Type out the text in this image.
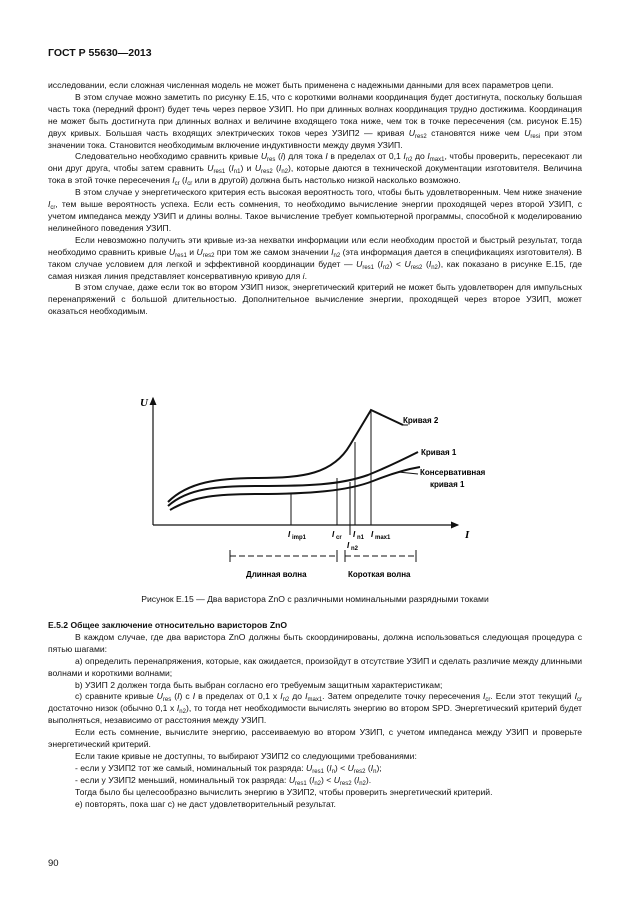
ГОСТ Р 55630—2013

исследовании, если сложная численная модель не может быть применена с надежными данными для всех параметров цепи.

В этом случае можно заметить по рисунку Е.15, что с короткими волнами координация будет достигнута, поскольку большая часть тока (передний фронт) будет течь через первое УЗИП. Но при длинных волнах координация трудно достижима. Координация не может быть достигнута при длинных волнах и величине входящего тока ниже, чем ток в точке пересечения (см. рисунок Е.15) двух кривых. Большая часть входящих электрических токов через УЗИП2 — кривая $U_{res2}$ становятся ниже чем $U_{resi}$ при этом значении тока. Становится необходимым включение индуктивности между двумя УЗИП.

Следовательно необходимо сравнить кривые $U_{res}$ (i) для тока I в пределах от 0,1 $I_{n2}$ до $I_{max1}$, чтобы проверить, пересекают ли они друг друга, чтобы затем сравнить $U_{res1}$ $(I_{n1})$ и $U_{res2}$ $(I_{n2})$, которые даются в технической документации изготовителя. Величина тока в этой точке пересечения $I_{cr}$ ($I_{cr}$ или в другой) должна быть настолько низкой насколько возможно.

В этом случае у энергетического критерия есть высокая вероятность того, чтобы быть удовлетворенным. Чем ниже значение $I_{cr}$, тем выше вероятность успеха. Если есть сомнения, то необходимо вычисление энергии проходящей через второй УЗИП, с учетом импеданса между УЗИП и длины волны. Такое вычисление требует компьютерной программы, способной к моделированию нелинейного поведения УЗИП.

Если невозможно получить эти кривые из-за нехватки информации или если необходим простой и быстрый результат, тогда необходимо сравнить кривые $U_{res1}$ и $U_{res2}$ при том же самом значении $I_{n2}$ (эта информация дается в спецификациях изготовителя). В таком случае условием для легкой и эффективной координации будет — $U_{res1}$ $(I_{n2}) < U_{res2}$ $(I_{n2})$, как показано в рисунке Е.15, где самая низкая линия представляет консервативную кривую для i.

В этом случае, даже если ток во втором УЗИП низок, энергетический критерий не может быть удовлетворен для импульсных перенапряжений с большой длительностью. Дополнительное вычисление энергии, проходящей через второе УЗИП, может оказаться необходимым.

U
I
Кривая 2
Кривая 1
Консервативная
кривая 1
I imp1	I cr I n1 I max1
I n2
Длинная волна	Короткая волна
Рисунок Е.15 — Два варистора ZnO с различными номинальными разрядными токами

Е.5.2 Общее заключение относительно варисторов ZnO

В каждом случае, где два варистора ZnO должны быть скоординированы, должна использоваться следующая процедура с пятью шагами:

а) определить перенапряжения, которые, как ожидается, произойдут в отсутствие УЗИП и сделать различие между длинными волнами и короткими волнами;

b) УЗИП 2 должен тогда быть выбран согласно его требуемым защитным характеристикам;

с) сравните кривые $U_{res}$ (I) с I в пределах от 0,1 х $I_{n2}$ до $I_{max1}$. Затем определите точку пересечения $I_{cr}$. Если этот текущий $I_{cr}$ достаточно низок (обычно 0,1 х $I_{n2}$), то тогда нет необходимости вычислять энергию во втором SPD. Энергетический критерий будет выполняться, независимо от расстояния между УЗИП.

Если есть сомнение, вычислите энергию, рассеиваемую во втором УЗИП, с учетом импеданса между УЗИП и проверьте энергетический критерий.

Если такие кривые не доступны, то выбирают УЗИП2 со следующими требованиями:

- если у УЗИП2 тот же самый, номинальный ток разряда: $U_{res1}$ $(I_n) < U_{res2}$ $(I_n)$;

- если у УЗИП2 меньший, номинальный ток разряда: $U_{res1}$ $(I_{n2}) < U_{res2}$ $(I_{n2})$.

Тогда было бы целесообразно вычислить энергию в УЗИП2, чтобы проверить энергетический критерий.

е) повторять, пока шаг с) не даст удовлетворительный результат.

90
